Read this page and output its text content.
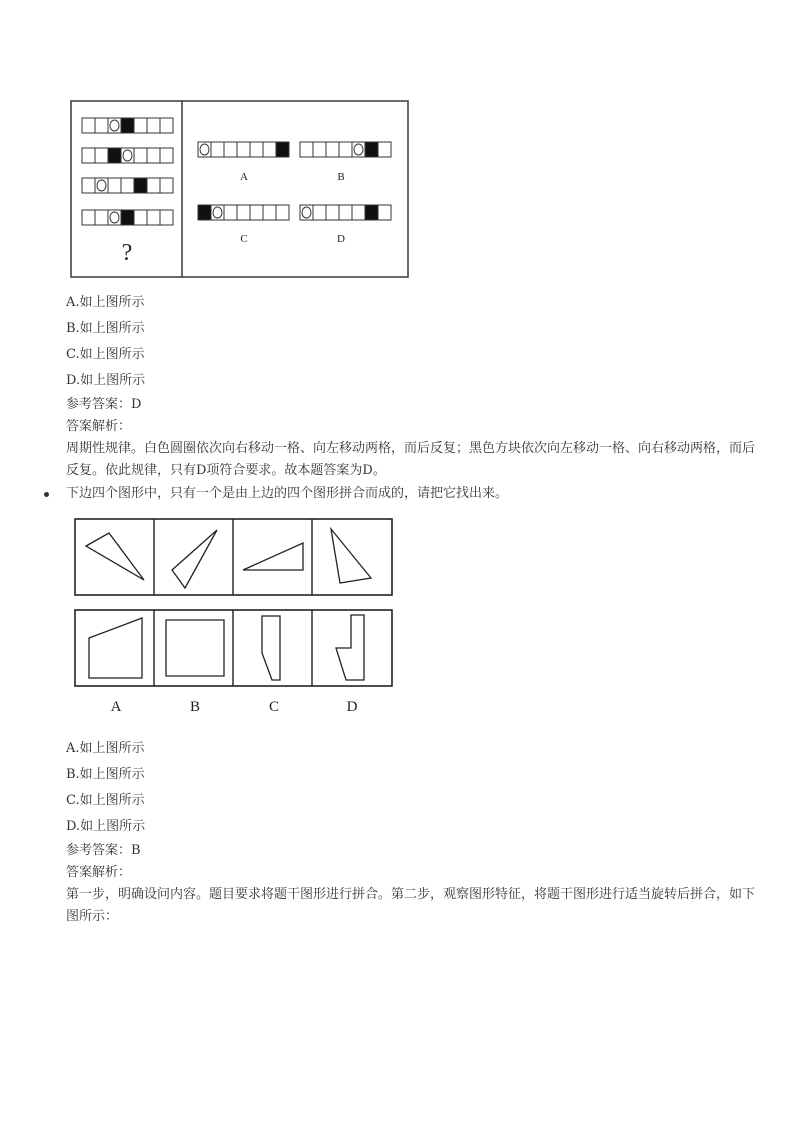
?
A	B
C	D
A.如上图所示
B.如上图所示
C.如上图所示
D.如上图所示
参考答案：D
答案解析：
周期性规律。白色圆圈依次向右移动一格、向左移动两格，而后反复；黑色方块依次向左移动一格、向右移动两格，而后反复。依此规律，只有D项符合要求。故本题答案为D。
下边四个图形中，只有一个是由上边的四个图形拼合而成的，请把它找出来。
A	B	C	D
A.如上图所示
B.如上图所示
C.如上图所示
D.如上图所示
参考答案：B
答案解析：
第一步，明确设问内容。题目要求将题干图形进行拼合。第二步，观察图形特征，将题干图形进行适当旋转后拼合，如下图所示：
